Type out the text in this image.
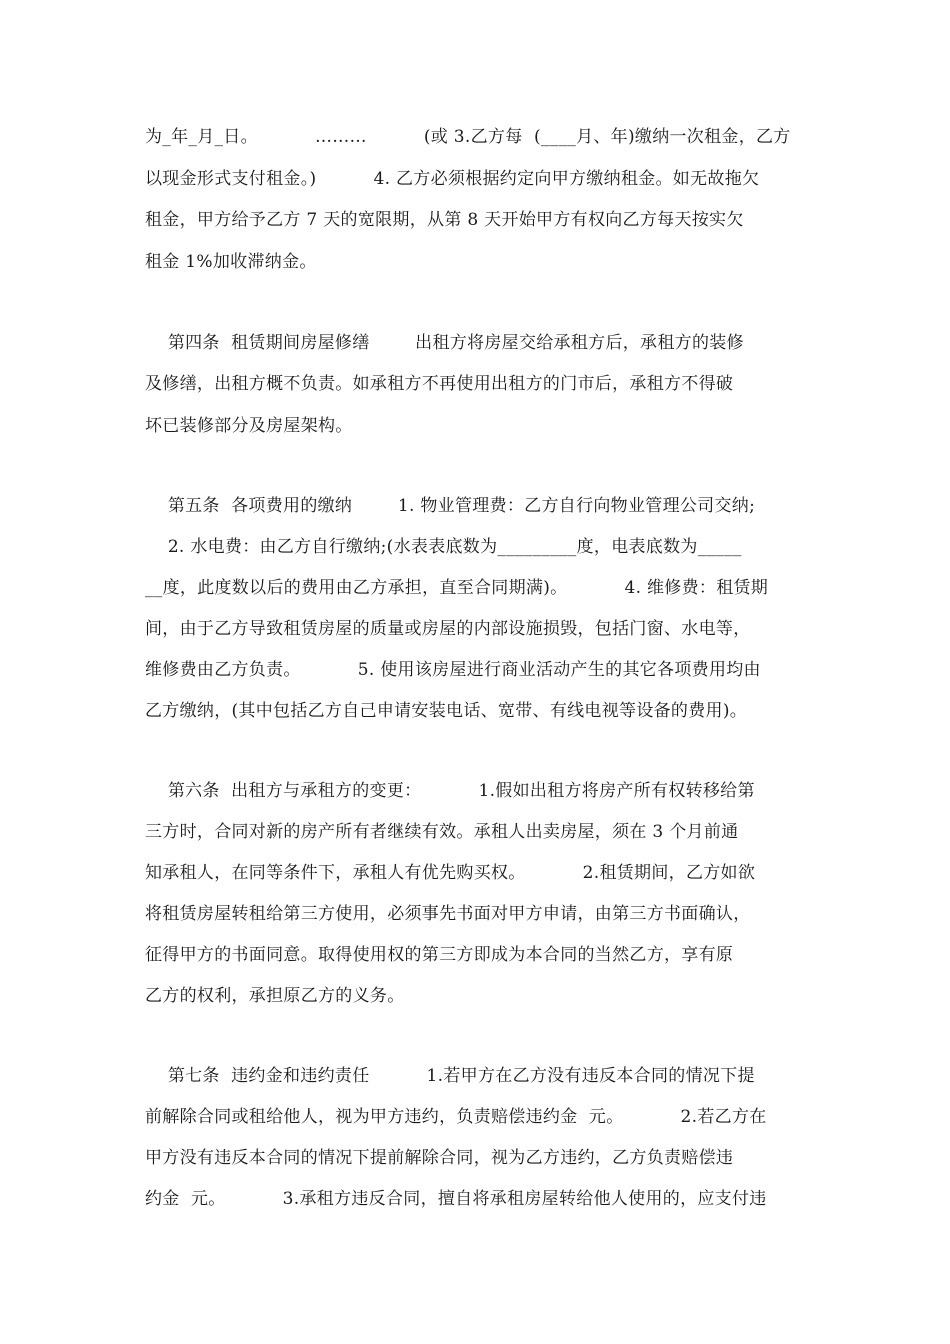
为_年_月_日。          ………          (或 3.乙方每  (____月、年)缴纳一次租金，乙方
以现金形式支付租金。)          4. 乙方必须根据约定向甲方缴纳租金。如无故拖欠
租金，甲方给予乙方 7 天的宽限期，从第 8 天开始甲方有权向乙方每天按实欠
租金 1%加收滞纳金。
第四条  租赁期间房屋修缮        出租方将房屋交给承租方后，承租方的装修
及修缮，出租方概不负责。如承租方不再使用出租方的门市后，承租方不得破
坏已装修部分及房屋架构。
第五条  各项费用的缴纳        1. 物业管理费：乙方自行向物业管理公司交纳;
2. 水电费：由乙方自行缴纳;(水表表底数为_________度，电表底数为_____
__度，此度数以后的费用由乙方承担，直至合同期满)。          4. 维修费：租赁期
间，由于乙方导致租赁房屋的质量或房屋的内部设施损毁，包括门窗、水电等，
维修费由乙方负责。          5. 使用该房屋进行商业活动产生的其它各项费用均由
乙方缴纳，(其中包括乙方自己申请安装电话、宽带、有线电视等设备的费用)。
第六条  出租方与承租方的变更：          1.假如出租方将房产所有权转移给第
三方时，合同对新的房产所有者继续有效。承租人出卖房屋，须在 3 个月前通
知承租人，在同等条件下，承租人有优先购买权。          2.租赁期间，乙方如欲
将租赁房屋转租给第三方使用，必须事先书面对甲方申请，由第三方书面确认，
征得甲方的书面同意。取得使用权的第三方即成为本合同的当然乙方，享有原
乙方的权利，承担原乙方的义务。
第七条  违约金和违约责任          1.若甲方在乙方没有违反本合同的情况下提
前解除合同或租给他人，视为甲方违约，负责赔偿违约金  元。          2.若乙方在
甲方没有违反本合同的情况下提前解除合同，视为乙方违约，乙方负责赔偿违
约金  元。          3.承租方违反合同，擅自将承租房屋转给他人使用的，应支付违
